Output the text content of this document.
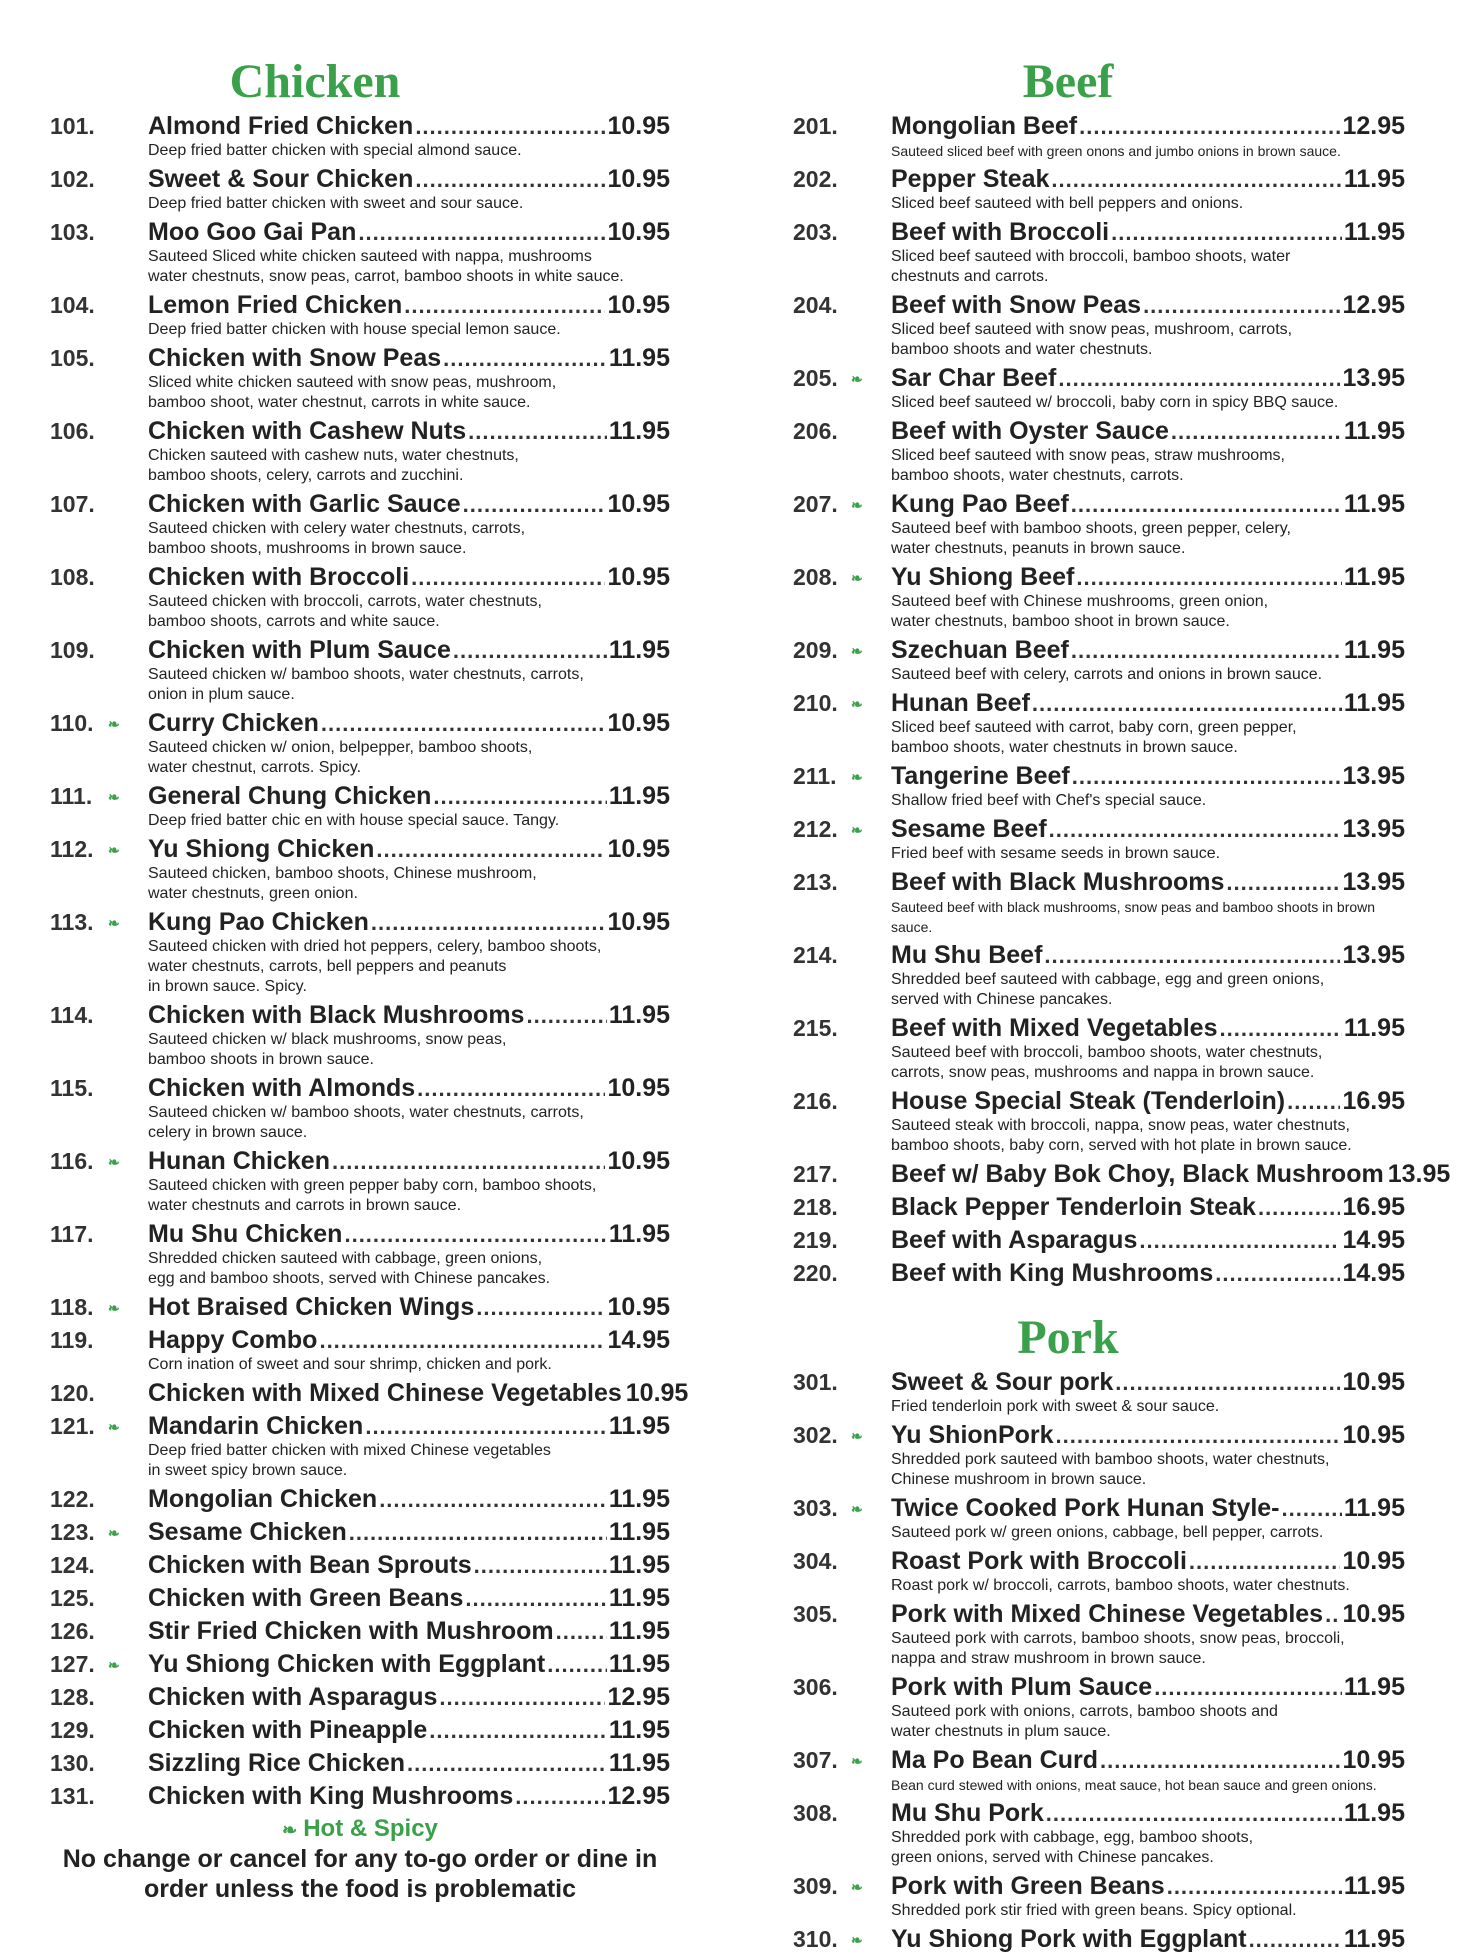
Chicken
101.	Almond Fried Chicken .....	10.95
Deep fried batter chicken with special almond sauce.
102.	Sweet & Sour Chicken .....	10.95
Deep fried batter chicken with sweet and sour sauce.
103.	Moo Goo Gai Pan .....	10.95
Sauteed Sliced white chicken sauteed with nappa, mushrooms
water chestnuts, snow peas, carrot, bamboo shoots in white sauce.
104.	Lemon Fried Chicken .....	10.95
Deep fried batter chicken with house special lemon sauce.
105.	Chicken with Snow Peas .....	11.95
Sliced white chicken sauteed with snow peas, mushroom,
bamboo shoot, water chestnut, carrots in white sauce.
106.	Chicken with Cashew Nuts .....	11.95
Chicken sauteed with cashew nuts, water chestnuts,
bamboo shoots, celery, carrots and zucchini.
107.	Chicken with Garlic Sauce .....	10.95
Sauteed chicken with celery water chestnuts, carrots,
bamboo shoots, mushrooms in brown sauce.
108.	Chicken with Broccoli .....	10.95
Sauteed chicken with broccoli, carrots, water chestnuts,
bamboo shoots, carrots and white sauce.
109.	Chicken with Plum Sauce .....	11.95
Sauteed chicken w/ bamboo shoots, water chestnuts, carrots,
onion in plum sauce.
110. ❧ Curry Chicken .....	10.95
Sauteed chicken w/ onion, belpepper, bamboo shoots,
water chestnut, carrots. Spicy.
111. ❧ General Chung Chicken .....	11.95
Deep fried batter chic en with house special sauce. Tangy.
112. ❧ Yu Shiong Chicken .....	10.95
Sauteed chicken, bamboo shoots, Chinese mushroom,
water chestnuts, green onion.
113. ❧ Kung Pao Chicken .....	10.95
Sauteed chicken with dried hot peppers, celery, bamboo shoots,
water chestnuts, carrots, bell peppers and peanuts
in brown sauce. Spicy.
114.	Chicken with Black Mushrooms .....	11.95
Sauteed chicken w/ black mushrooms, snow peas,
bamboo shoots in brown sauce.
115.	Chicken with Almonds .....	10.95
Sauteed chicken w/ bamboo shoots, water chestnuts, carrots,
celery in brown sauce.
116. ❧ Hunan Chicken .....	10.95
Sauteed chicken with green pepper baby corn, bamboo shoots,
water chestnuts and carrots in brown sauce.
117.	Mu Shu Chicken .....	11.95
Shredded chicken sauteed with cabbage, green onions,
egg and bamboo shoots, served with Chinese pancakes.
118. ❧ Hot Braised Chicken Wings .....	10.95
119.	Happy Combo .....	14.95
Corn ination of sweet and sour shrimp, chicken and pork.
120.	Chicken with Mixed Chinese Vegetables 10.95
121. ❧ Mandarin Chicken .....	11.95
Deep fried batter chicken with mixed Chinese vegetables
in sweet spicy brown sauce.
122.	Mongolian Chicken .....	11.95
123. ❧ Sesame Chicken .....	11.95
124.	Chicken with Bean Sprouts .....	11.95
125.	Chicken with Green Beans .....	11.95
126.	Stir Fried Chicken with Mushroom ..... 11.95
127. ❧ Yu Shiong Chicken with Eggplant .....	11.95
128.	Chicken with Asparagus .....	12.95
129.	Chicken with Pineapple .....	11.95
130.	Sizzling Rice Chicken .....	11.95
131.	Chicken with King Mushrooms .....	12.95
❧ Hot & Spicy
No change or cancel for any to-go order or dine in
order unless the food is problematic
Beef
201.	Mongolian Beef .....	12.95
Sauteed sliced beef with green onons and jumbo onions in brown sauce.
202.	Pepper Steak .....	11.95
Sliced beef sauteed with bell peppers and onions.
203.	Beef with Broccoli .....	11.95
Sliced beef sauteed with broccoli, bamboo shoots, water
chestnuts and carrots.
204.	Beef with Snow Peas .....	12.95
Sliced beef sauteed with snow peas, mushroom, carrots,
bamboo shoots and water chestnuts.
205. ❧ Sar Char Beef .....	13.95
Sliced beef sauteed w/ broccoli, baby corn in spicy BBQ sauce.
206.	Beef with Oyster Sauce .....	11.95
Sliced beef sauteed with snow peas, straw mushrooms,
bamboo shoots, water chestnuts, carrots.
207. ❧ Kung Pao Beef .....	11.95
Sauteed beef with bamboo shoots, green pepper, celery,
water chestnuts, peanuts in brown sauce.
208. ❧ Yu Shiong Beef .....	11.95
Sauteed beef with Chinese mushrooms, green onion,
water chestnuts, bamboo shoot in brown sauce.
209. ❧ Szechuan Beef .....	11.95
Sauteed beef with celery, carrots and onions in brown sauce.
210. ❧ Hunan Beef .....	11.95
Sliced beef sauteed with carrot, baby corn, green pepper,
bamboo shoots, water chestnuts in brown sauce.
211. ❧ Tangerine Beef .....	13.95
Shallow fried beef with Chef's special sauce.
212. ❧ Sesame Beef .....	13.95
Fried beef with sesame seeds in brown sauce.
213.	Beef with Black Mushrooms .....	13.95
Sauteed beef with black mushrooms, snow peas and bamboo shoots in brown sauce.
214.	Mu Shu Beef .....	13.95
Shredded beef sauteed with cabbage, egg and green onions,
served with Chinese pancakes.
215.	Beef with Mixed Vegetables .....	11.95
Sauteed beef with broccoli, bamboo shoots, water chestnuts,
carrots, snow peas, mushrooms and nappa in brown sauce.
216.	House Special Steak (Tenderloin) ..... 16.95
Sauteed steak with broccoli, nappa, snow peas, water chestnuts,
bamboo shoots, baby corn, served with hot plate in brown sauce.
217.	Beef w/ Baby Bok Choy, Black Mushroom 13.95
218.	Black Pepper Tenderloin Steak .....	16.95
219.	Beef with Asparagus .....	14.95
220.	Beef with King Mushrooms .....	14.95
Pork
301.	Sweet & Sour pork .....	10.95
Fried tenderloin pork with sweet & sour sauce.
302. ❧ Yu ShionPork .....	10.95
Shredded pork sauteed with bamboo shoots, water chestnuts,
Chinese mushroom in brown sauce.
303. ❧ Twice Cooked Pork Hunan Style- .....	11.95
Sauteed pork w/ green onions, cabbage, bell pepper, carrots.
304.	Roast Pork with Broccoli .....	10.95
Roast pork w/ broccoli, carrots, bamboo shoots, water chestnuts.
305.	Pork with Mixed Chinese Vegetables ..... 10.95
Sauteed pork with carrots, bamboo shoots, snow peas, broccoli,
nappa and straw mushroom in brown sauce.
306.	Pork with Plum Sauce .....	11.95
Sauteed pork with onions, carrots, bamboo shoots and
water chestnuts in plum sauce.
307. ❧ Ma Po Bean Curd .....	10.95
Bean curd stewed with onions, meat sauce, hot bean sauce and green onions.
308.	Mu Shu Pork .....	11.95
Shredded pork with cabbage, egg, bamboo shoots,
green onions, served with Chinese pancakes.
309. ❧ Pork with Green Beans .....	11.95
Shredded pork stir fried with green beans. Spicy optional.
310. ❧ Yu Shiong Pork with Eggplant .....	11.95
